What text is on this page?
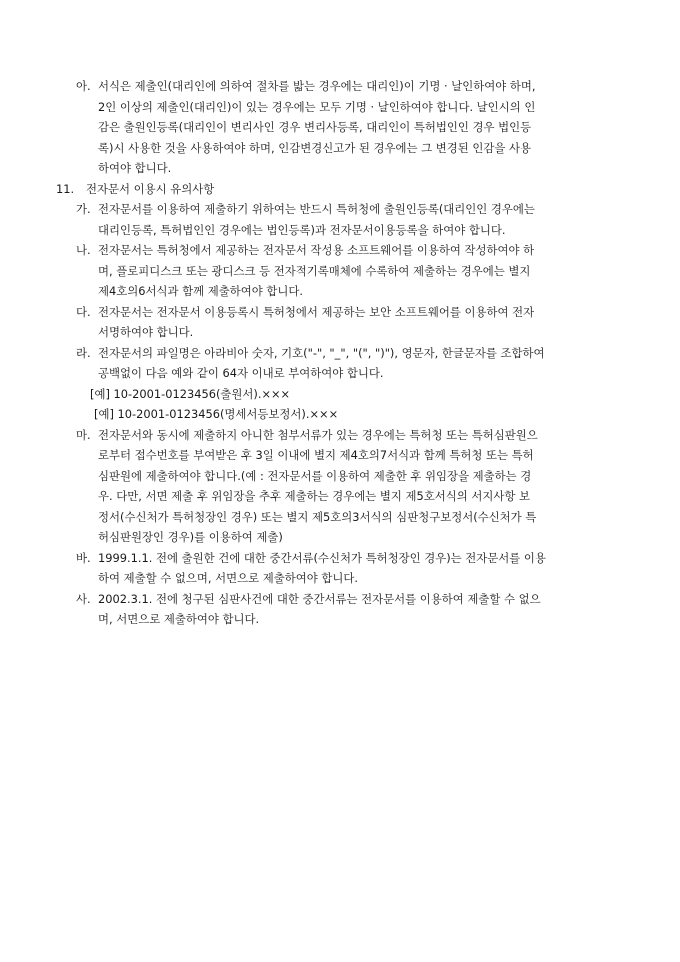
아. 서식은 제출인(대리인에 의하여 절차를 밟는 경우에는 대리인)이 기명 · 날인하여야 하며,
2인 이상의 제출인(대리인)이 있는 경우에는 모두 기명 · 날인하여야 합니다. 날인시의 인
감은 출원인등록(대리인이 변리사인 경우 변리사등록, 대리인이 특허법인인 경우 법인등
록)시 사용한 것을 사용하여야 하며, 인감변경신고가 된 경우에는 그 변경된 인감을 사용
하여야 합니다.
11. 전자문서 이용시 유의사항
가. 전자문서를 이용하여 제출하기 위하여는 반드시 특허청에 출원인등록(대리인인 경우에는
대리인등록, 특허법인인 경우에는 법인등록)과 전자문서이용등록을 하여야 합니다.
나. 전자문서는 특허청에서 제공하는 전자문서 작성용 소프트웨어를 이용하여 작성하여야 하
며, 플로피디스크 또는 광디스크 등 전자적기록매체에 수록하여 제출하는 경우에는 별지
제4호의6서식과 함께 제출하여야 합니다.
다. 전자문서는 전자문서 이용등록시 특허청에서 제공하는 보안 소프트웨어를 이용하여 전자
서명하여야 합니다.
라. 전자문서의 파일명은 아라비아 숫자, 기호("-", "_", "(", ")"), 영문자, 한글문자를 조합하여
공백없이 다음 예와 같이 64자 이내로 부여하여야 합니다.
[예] 10-2001-0123456(출원서).×××
[예] 10-2001-0123456(명세서등보정서).×××
마. 전자문서와 동시에 제출하지 아니한 첨부서류가 있는 경우에는 특허청 또는 특허심판원으
로부터 접수번호를 부여받은 후 3일 이내에 별지 제4호의7서식과 함께 특허청 또는 특허
심판원에 제출하여야 합니다.(예 : 전자문서를 이용하여 제출한 후 위임장을 제출하는 경
우. 다만, 서면 제출 후 위임장을 추후 제출하는 경우에는 별지 제5호서식의 서지사항 보
정서(수신처가 특허청장인 경우) 또는 별지 제5호의3서식의 심판청구보정서(수신처가 특
허심판원장인 경우)를 이용하여 제출)
바. 1999.1.1. 전에 출원한 건에 대한 중간서류(수신처가 특허청장인 경우)는 전자문서를 이용
하여 제출할 수 없으며, 서면으로 제출하여야 합니다.
사. 2002.3.1. 전에 청구된 심판사건에 대한 중간서류는 전자문서를 이용하여 제출할 수 없으
며, 서면으로 제출하여야 합니다.
